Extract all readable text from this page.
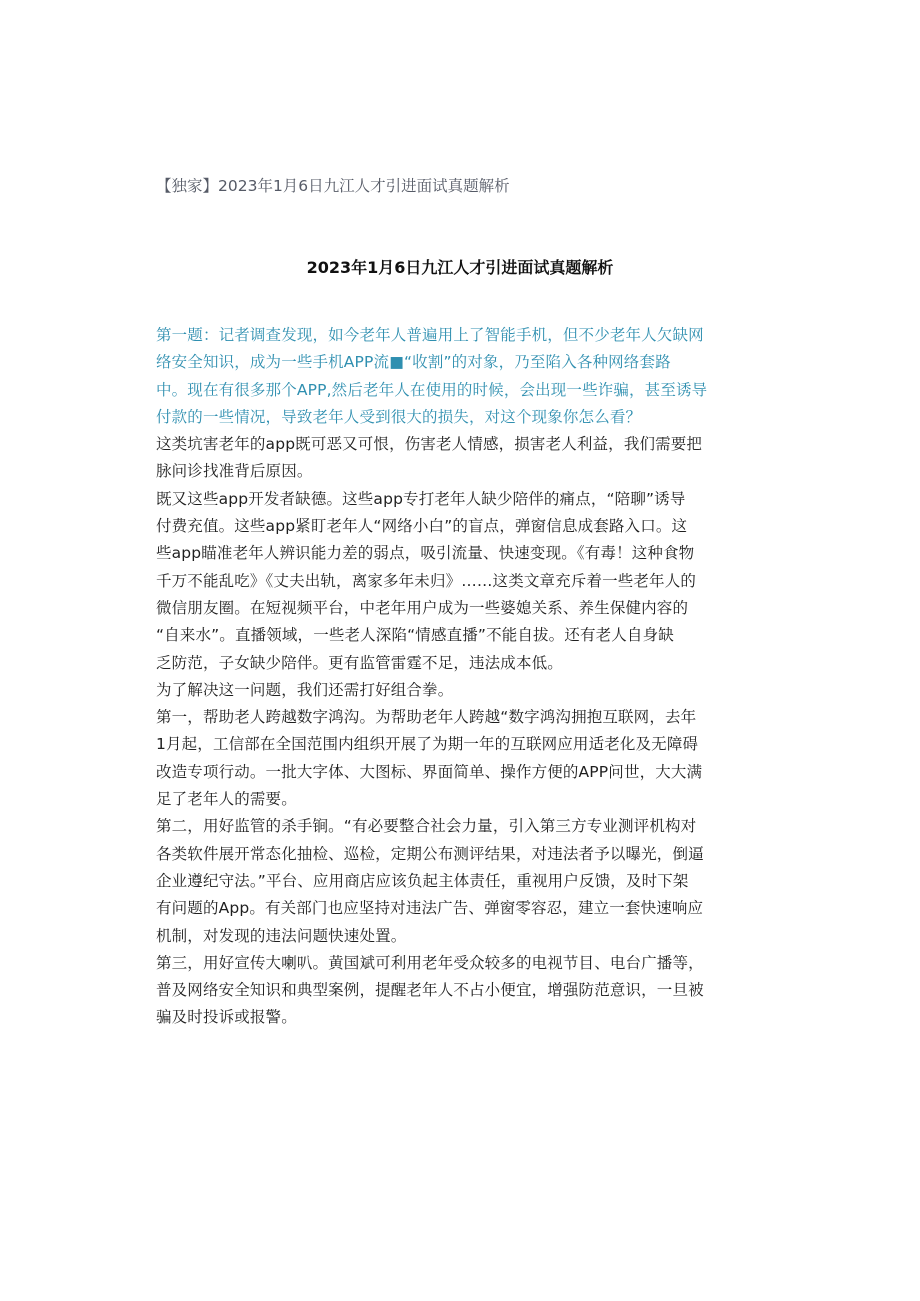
【独家】2023年1月6日九江人才引进面试真题解析
2023年1月6日九江人才引进面试真题解析
第一题：记者调查发现，如今老年人普遍用上了智能手机，但不少老年人欠缺网
络安全知识，成为一些手机APP流■“收割”的对象，乃至陷入各种网络套路
中。现在有很多那个APP,然后老年人在使用的时候，会出现一些诈骗，甚至诱导
付款的一些情况，导致老年人受到很大的损失，对这个现象你怎么看？
这类坑害老年的app既可恶又可恨，伤害老人情感，损害老人利益，我们需要把
脉问诊找准背后原因。
既又这些app开发者缺德。这些app专打老年人缺少陪伴的痛点，“陪聊”诱导
付费充值。这些app紧盯老年人“网络小白”的盲点，弹窗信息成套路入口。这
些app瞄准老年人辨识能力差的弱点，吸引流量、快速变现。《有毒！这种食物
千万不能乱吃》《丈夫出轨，离家多年未归》……这类文章充斥着一些老年人的
微信朋友圈。在短视频平台，中老年用户成为一些婆媳关系、养生保健内容的
“自来水”。直播领域，一些老人深陷“情感直播”不能自拔。还有老人自身缺
乏防范，子女缺少陪伴。更有监管雷霆不足，违法成本低。
为了解决这一问题，我们还需打好组合拳。
第一，帮助老人跨越数字鸿沟。为帮助老年人跨越“数字鸿沟拥抱互联网，去年
1月起，工信部在全国范围内组织开展了为期一年的互联网应用适老化及无障碍
改造专项行动。一批大字体、大图标、界面简单、操作方便的APP问世，大大满
足了老年人的需要。
第二，用好监管的杀手锏。“有必要整合社会力量，引入第三方专业测评机构对
各类软件展开常态化抽检、巡检，定期公布测评结果，对违法者予以曝光，倒逼
企业遵纪守法。”平台、应用商店应该负起主体责任，重视用户反馈，及时下架
有问题的App。有关部门也应坚持对违法广告、弹窗零容忍，建立一套快速响应
机制，对发现的违法问题快速处置。
第三，用好宣传大喇叭。黄国斌可利用老年受众较多的电视节目、电台广播等，
普及网络安全知识和典型案例，提醒老年人不占小便宜，增强防范意识，一旦被
骗及时投诉或报警。
